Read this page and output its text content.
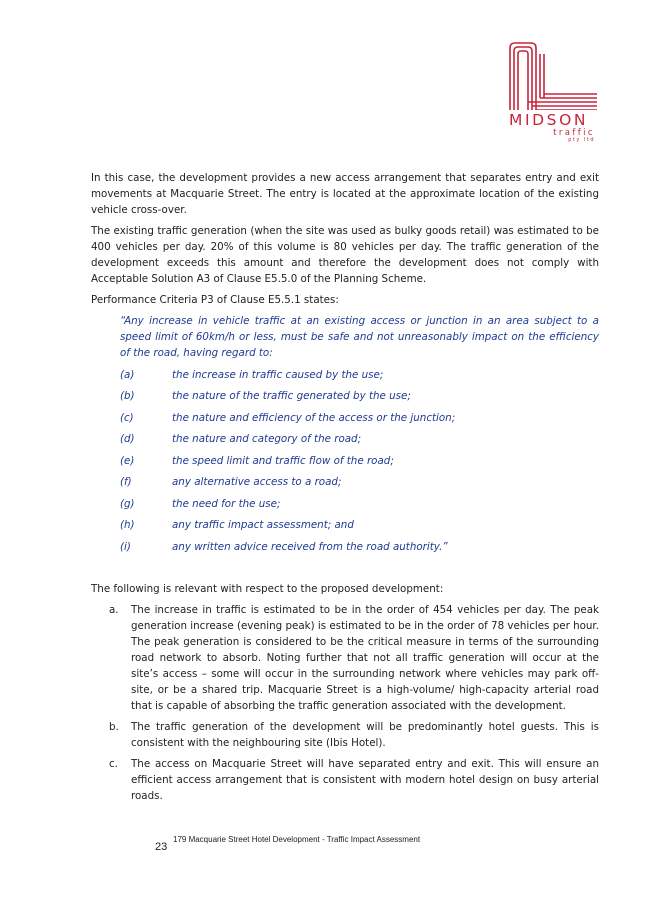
MIDSON
traffic
pty ltd

In this case, the development provides a new access arrangement that separates entry and exit movements at Macquarie Street. The entry is located at the approximate location of the existing vehicle cross-over.

The existing traffic generation (when the site was used as bulky goods retail) was estimated to be 400 vehicles per day. 20% of this volume is 80 vehicles per day. The traffic generation of the development exceeds this amount and therefore the development does not comply with Acceptable Solution A3 of Clause E5.5.0 of the Planning Scheme.

Performance Criteria P3 of Clause E5.5.1 states:

“Any increase in vehicle traffic at an existing access or junction in an area subject to a speed limit of 60km/h or less, must be safe and not unreasonably impact on the efficiency of the road, having regard to:
(a)	the increase in traffic caused by the use;
(b)	the nature of the traffic generated by the use;
(c)	the nature and efficiency of the access or the junction;
(d)	the nature and category of the road;
(e)	the speed limit and traffic flow of the road;
(f)	any alternative access to a road;
(g)	the need for the use;
(h)	any traffic impact assessment; and
(i)	any written advice received from the road authority.”

The following is relevant with respect to the proposed development:

a.	The increase in traffic is estimated to be in the order of 454 vehicles per day. The peak generation increase (evening peak) is estimated to be in the order of 78 vehicles per hour. The peak generation is considered to be the critical measure in terms of the surrounding road network to absorb. Noting further that not all traffic generation will occur at the site’s access – some will occur in the surrounding network where vehicles may park off-site, or be a shared trip. Macquarie Street is a high-volume/ high-capacity arterial road that is capable of absorbing the traffic generation associated with the development.
b.	The traffic generation of the development will be predominantly hotel guests. This is consistent with the neighbouring site (Ibis Hotel).
c.	The access on Macquarie Street will have separated entry and exit. This will ensure an efficient access arrangement that is consistent with modern hotel design on busy arterial roads.
179 Macquarie Street Hotel Development - Traffic Impact Assessment
23
